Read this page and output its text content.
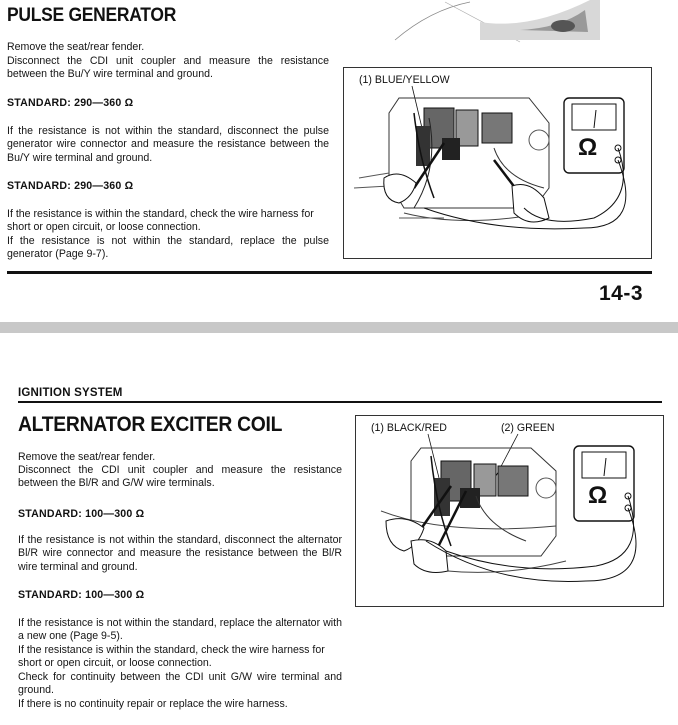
PULSE GENERATOR

Remove the seat/rear fender.

Disconnect the CDI unit coupler and measure the resistance between the Bu/Y wire terminal and ground.

STANDARD: 290—360 Ω

If the resistance is not within the standard, disconnect the pulse generator wire connector and measure the resistance between the Bu/Y wire terminal and ground.

STANDARD: 290—360 Ω

If the resistance is within the standard, check the wire harness for short or open circuit, or loose connection.

If the resistance is not within the standard, replace the pulse generator (Page 9-7).

(1) BLUE/YELLOW

Ω

14-3

IGNITION SYSTEM

ALTERNATOR EXCITER COIL

Remove the seat/rear fender.

Disconnect the CDI unit coupler and measure the resistance between the Bl/R and G/W wire terminals.

STANDARD: 100—300 Ω

If the resistance is not within the standard, disconnect the alternator Bl/R wire connector and measure the resistance between the Bl/R wire terminal and ground.

STANDARD: 100—300 Ω

If the resistance is not within the standard, replace the alternator with a new one (Page 9-5).

If the resistance is within the standard, check the wire harness for short or open circuit, or loose connection.

Check for continuity between the CDI unit G/W wire terminal and ground.

If there is no continuity repair or replace the wire harness.

(1) BLACK/RED	(2) GREEN

Ω
